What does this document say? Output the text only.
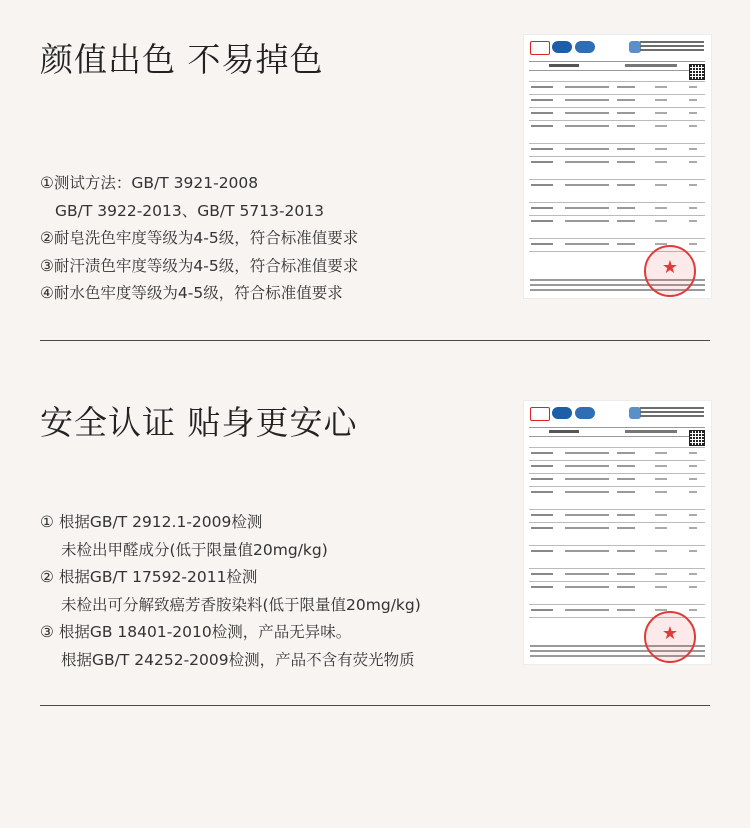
颜值出色 不易掉色
①测试方法：GB/T 3921-2008
GB/T 3922-2013、GB/T 5713-2013
②耐皂洗色牢度等级为4-5级，符合标准值要求
③耐汗渍色牢度等级为4-5级，符合标准值要求
④耐水色牢度等级为4-5级，符合标准值要求
★
安全认证 贴身更安心
① 根据GB/T 2912.1-2009检测
未检出甲醛成分(低于限量值20mg/kg)
② 根据GB/T 17592-2011检测
未检出可分解致癌芳香胺染料(低于限量值20mg/kg)
③ 根据GB 18401-2010检测，产品无异味。
根据GB/T 24252-2009检测，产品不含有荧光物质
★
